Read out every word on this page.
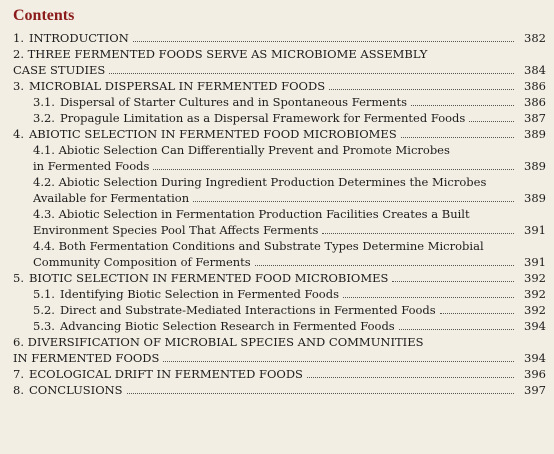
Contents
1. INTRODUCTION	382
2. THREE FERMENTED FOODS SERVE AS MICROBIOME ASSEMBLY
CASE STUDIES	384
3. MICROBIAL DISPERSAL IN FERMENTED FOODS	386
3.1. Dispersal of Starter Cultures and in Spontaneous Ferments	386
3.2. Propagule Limitation as a Dispersal Framework for Fermented Foods	387
4. ABIOTIC SELECTION IN FERMENTED FOOD MICROBIOMES	389
4.1. Abiotic Selection Can Differentially Prevent and Promote Microbes
in Fermented Foods	389
4.2. Abiotic Selection During Ingredient Production Determines the Microbes
Available for Fermentation	389
4.3. Abiotic Selection in Fermentation Production Facilities Creates a Built
Environment Species Pool That Affects Ferments	391
4.4. Both Fermentation Conditions and Substrate Types Determine Microbial
Community Composition of Ferments	391
5. BIOTIC SELECTION IN FERMENTED FOOD MICROBIOMES	392
5.1. Identifying Biotic Selection in Fermented Foods	392
5.2. Direct and Substrate-Mediated Interactions in Fermented Foods	392
5.3. Advancing Biotic Selection Research in Fermented Foods	394
6. DIVERSIFICATION OF MICROBIAL SPECIES AND COMMUNITIES
IN FERMENTED FOODS	394
7. ECOLOGICAL DRIFT IN FERMENTED FOODS	396
8. CONCLUSIONS	397
